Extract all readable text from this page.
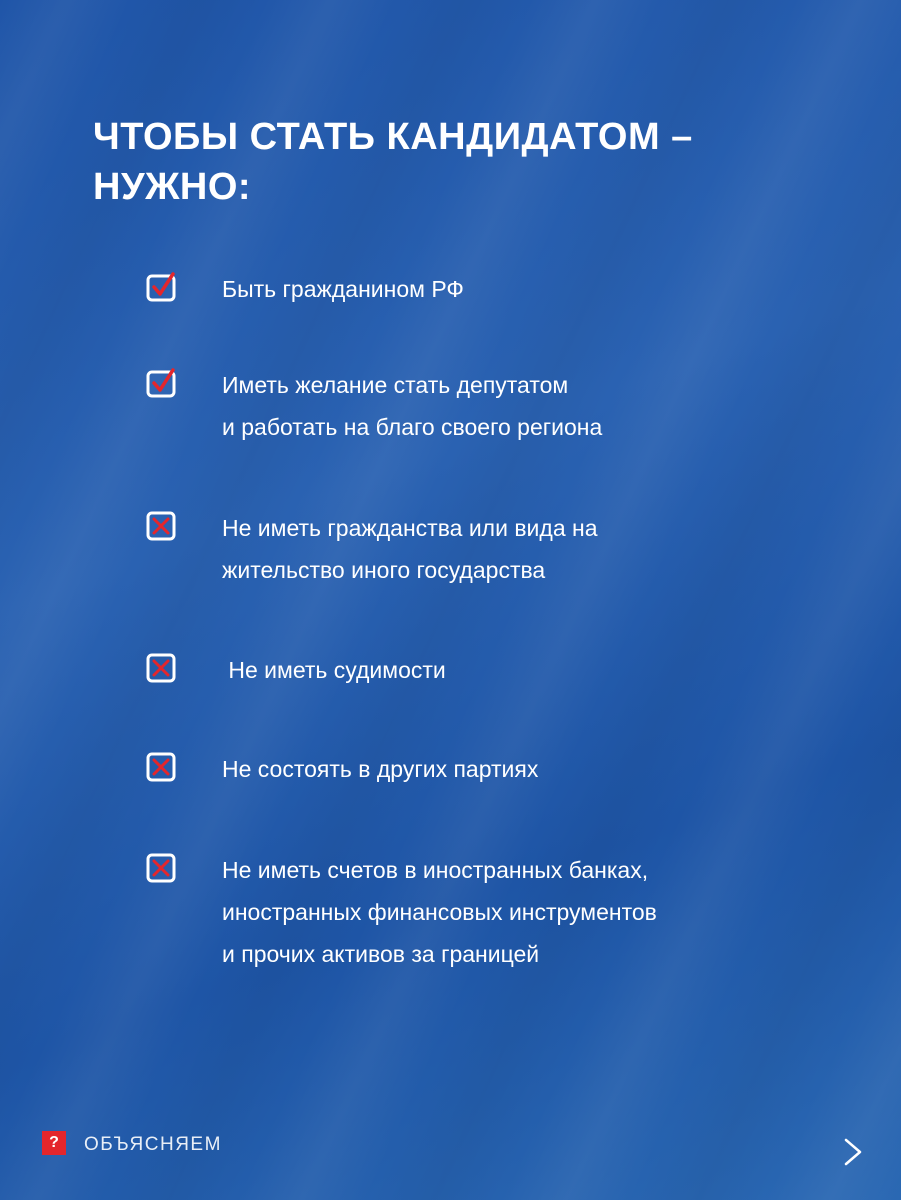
ЧТОБЫ СТАТЬ КАНДИДАТОМ –
НУЖНО:
Быть гражданином РФ
Иметь желание стать депутатом
и работать на благо своего региона
Не иметь гражданства или вида на
жительство иного государства
Не иметь судимости
Не состоять в других партиях
Не иметь счетов в иностранных банках,
иностранных финансовых инструментов
и прочих активов за границей
?	ОБЪЯСНЯЕМ
